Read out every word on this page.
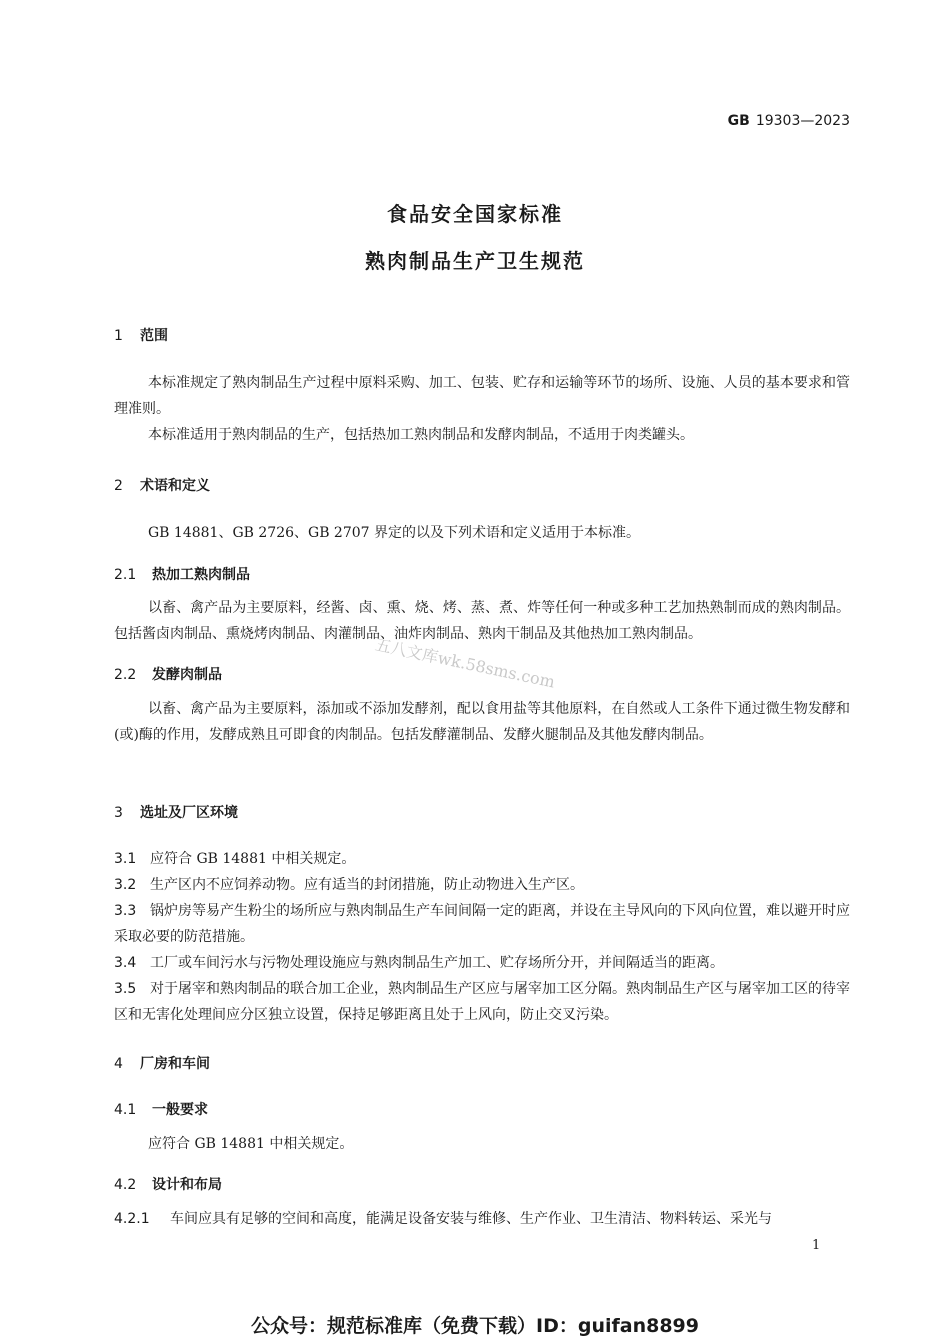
GB 19303—2023
食品安全国家标准
熟肉制品生产卫生规范
1 范围
本标准规定了熟肉制品生产过程中原料采购、加工、包装、贮存和运输等环节的场所、设施、人员的基本要求和管理准则。
本标准适用于熟肉制品的生产，包括热加工熟肉制品和发酵肉制品，不适用于肉类罐头。
2 术语和定义
GB 14881、GB 2726、GB 2707 界定的以及下列术语和定义适用于本标准。
2.1 热加工熟肉制品
以畜、禽产品为主要原料，经酱、卤、熏、烧、烤、蒸、煮、炸等任何一种或多种工艺加热熟制而成的熟肉制品。包括酱卤肉制品、熏烧烤肉制品、肉灌制品、油炸肉制品、熟肉干制品及其他热加工熟肉制品。
2.2 发酵肉制品
以畜、禽产品为主要原料，添加或不添加发酵剂，配以食用盐等其他原料，在自然或人工条件下通过微生物发酵和(或)酶的作用，发酵成熟且可即食的肉制品。包括发酵灌制品、发酵火腿制品及其他发酵肉制品。
3 选址及厂区环境
3.1 应符合 GB 14881 中相关规定。
3.2 生产区内不应饲养动物。应有适当的封闭措施，防止动物进入生产区。
3.3 锅炉房等易产生粉尘的场所应与熟肉制品生产车间间隔一定的距离，并设在主导风向的下风向位置，难以避开时应采取必要的防范措施。
3.4 工厂或车间污水与污物处理设施应与熟肉制品生产加工、贮存场所分开，并间隔适当的距离。
3.5 对于屠宰和熟肉制品的联合加工企业，熟肉制品生产区应与屠宰加工区分隔。熟肉制品生产区与屠宰加工区的待宰区和无害化处理间应分区独立设置，保持足够距离且处于上风向，防止交叉污染。
4 厂房和车间
4.1 一般要求
应符合 GB 14881 中相关规定。
4.2 设计和布局
4.2.1 车间应具有足够的空间和高度，能满足设备安装与维修、生产作业、卫生清洁、物料转运、采光与
五八文库wk.58sms.com
1
公众号：规范标准库（免费下载）ID：guifan8899
